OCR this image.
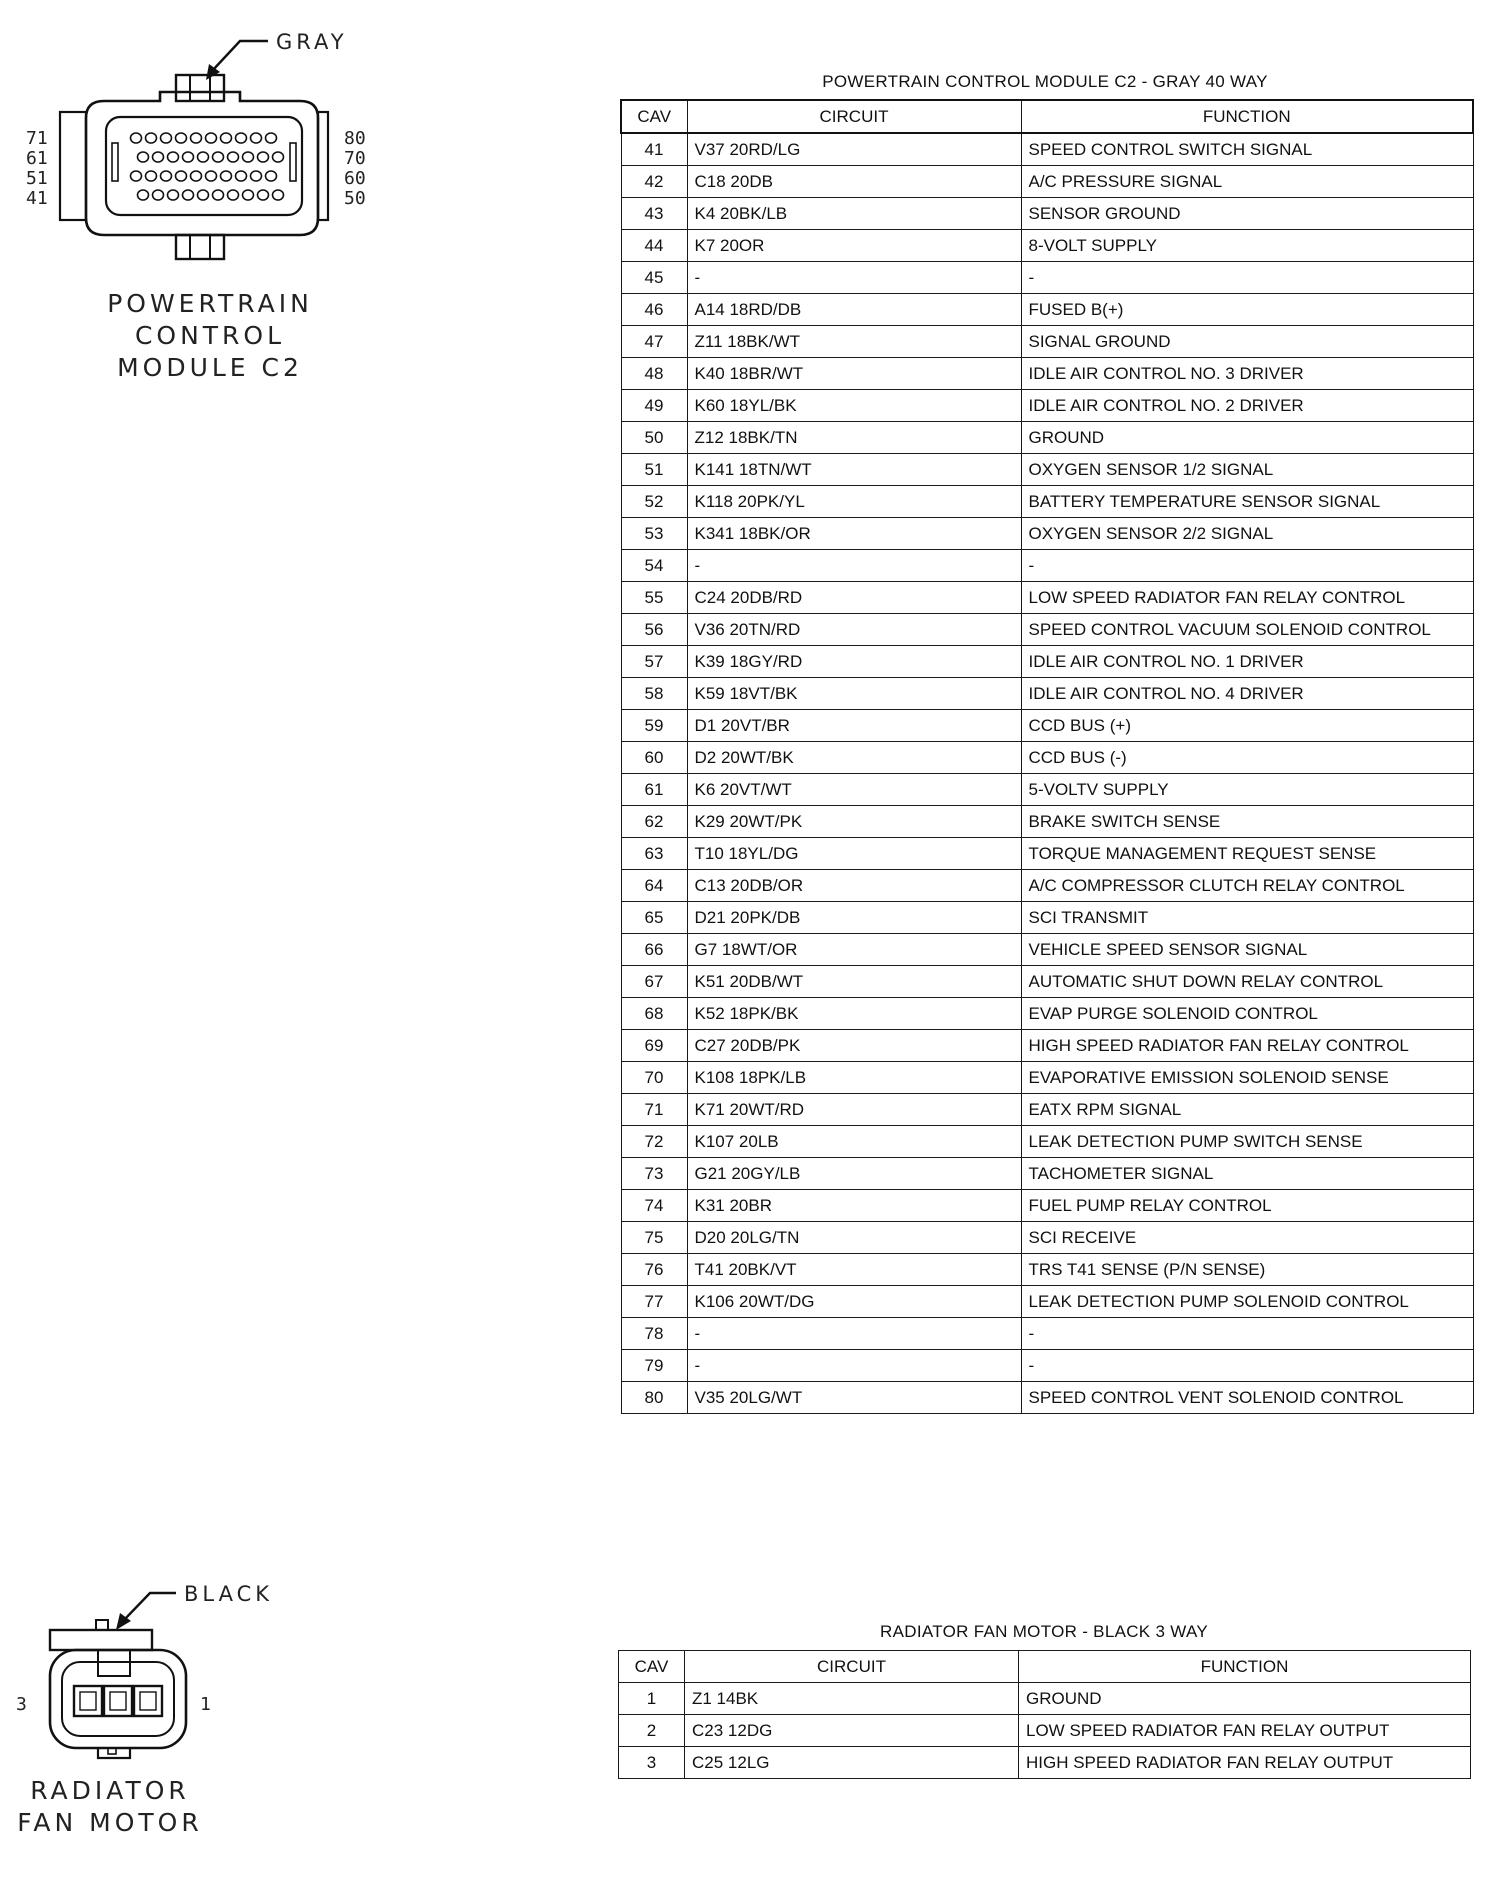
GRAY
71
61
51
41
80
70
60
50
POWERTRAIN
CONTROL
MODULE C2
BLACK
3	1
RADIATOR
FAN MOTOR
POWERTRAIN CONTROL MODULE C2 - GRAY 40 WAY
CAV	CIRCUIT	FUNCTION
41	V37 20RD/LG	SPEED CONTROL SWITCH SIGNAL
42	C18 20DB	A/C PRESSURE SIGNAL
43	K4 20BK/LB	SENSOR GROUND
44	K7 20OR	8-VOLT SUPPLY
45	-	-
46	A14 18RD/DB	FUSED B(+)
47	Z11 18BK/WT	SIGNAL GROUND
48	K40 18BR/WT	IDLE AIR CONTROL NO. 3 DRIVER
49	K60 18YL/BK	IDLE AIR CONTROL NO. 2 DRIVER
50	Z12 18BK/TN	GROUND
51	K141 18TN/WT	OXYGEN SENSOR 1/2 SIGNAL
52	K118 20PK/YL	BATTERY TEMPERATURE SENSOR SIGNAL
53	K341 18BK/OR	OXYGEN SENSOR 2/2 SIGNAL
54	-	-
55	C24 20DB/RD	LOW SPEED RADIATOR FAN RELAY CONTROL
56	V36 20TN/RD	SPEED CONTROL VACUUM SOLENOID CONTROL
57	K39 18GY/RD	IDLE AIR CONTROL NO. 1 DRIVER
58	K59 18VT/BK	IDLE AIR CONTROL NO. 4 DRIVER
59	D1 20VT/BR	CCD BUS (+)
60	D2 20WT/BK	CCD BUS (-)
61	K6 20VT/WT	5-VOLTV SUPPLY
62	K29 20WT/PK	BRAKE SWITCH SENSE
63	T10 18YL/DG	TORQUE MANAGEMENT REQUEST SENSE
64	C13 20DB/OR	A/C COMPRESSOR CLUTCH RELAY CONTROL
65	D21 20PK/DB	SCI TRANSMIT
66	G7 18WT/OR	VEHICLE SPEED SENSOR SIGNAL
67	K51 20DB/WT	AUTOMATIC SHUT DOWN RELAY CONTROL
68	K52 18PK/BK	EVAP PURGE SOLENOID CONTROL
69	C27 20DB/PK	HIGH SPEED RADIATOR FAN RELAY CONTROL
70	K108 18PK/LB	EVAPORATIVE EMISSION SOLENOID SENSE
71	K71 20WT/RD	EATX RPM SIGNAL
72	K107 20LB	LEAK DETECTION PUMP SWITCH SENSE
73	G21 20GY/LB	TACHOMETER SIGNAL
74	K31 20BR	FUEL PUMP RELAY CONTROL
75	D20 20LG/TN	SCI RECEIVE
76	T41 20BK/VT	TRS T41 SENSE (P/N SENSE)
77	K106 20WT/DG	LEAK DETECTION PUMP SOLENOID CONTROL
78	-	-
79	-	-
80	V35 20LG/WT	SPEED CONTROL VENT SOLENOID CONTROL
RADIATOR FAN MOTOR - BLACK 3 WAY
CAV	CIRCUIT	FUNCTION
1	Z1 14BK	GROUND
2	C23 12DG	LOW SPEED RADIATOR FAN RELAY OUTPUT
3	C25 12LG	HIGH SPEED RADIATOR FAN RELAY OUTPUT
